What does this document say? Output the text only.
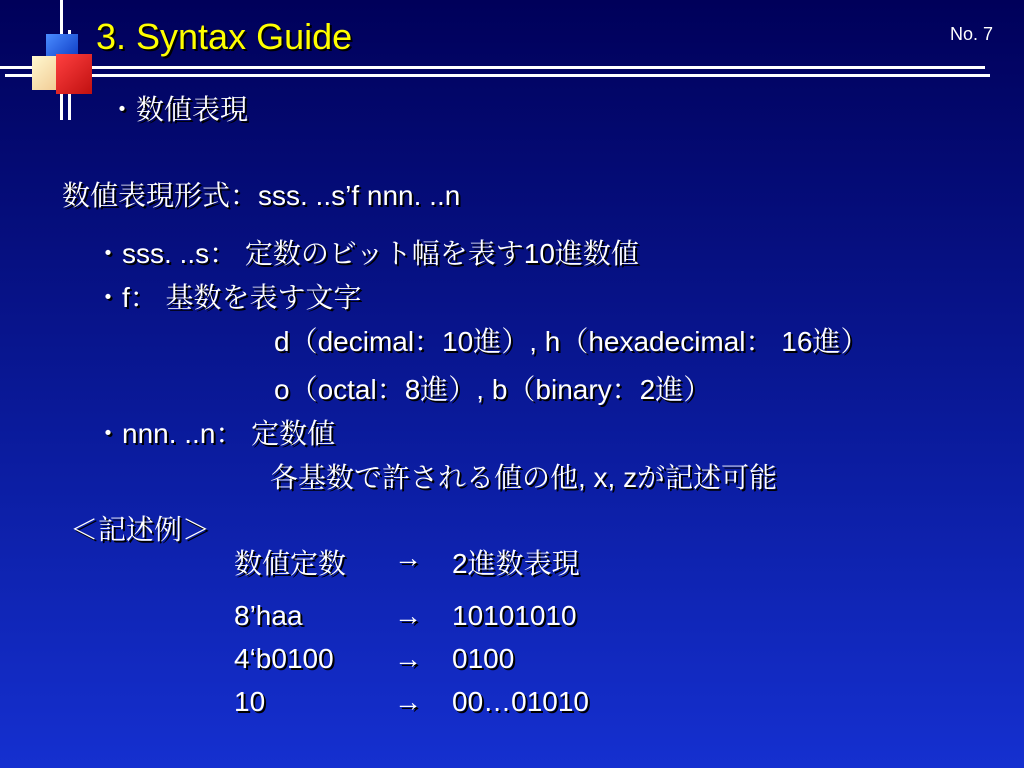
3. Syntax Guide	No. 7
・数値表現
数値表現形式：sss. ..s’f nnn. ..n
・sss. ..s： 定数のビット幅を表す10進数値
・f： 基数を表す文字
d（decimal：10進）, h（hexadecimal： 16進）
o（octal：8進）, b（binary：2進）
・nnn. ..n： 定数値
各基数で許される値の他, x, zが記述可能
＜記述例＞
数値定数 → 2進数表現
8’haa	→ 10101010
4‘b0100 → 0100
10	→ 00…01010
